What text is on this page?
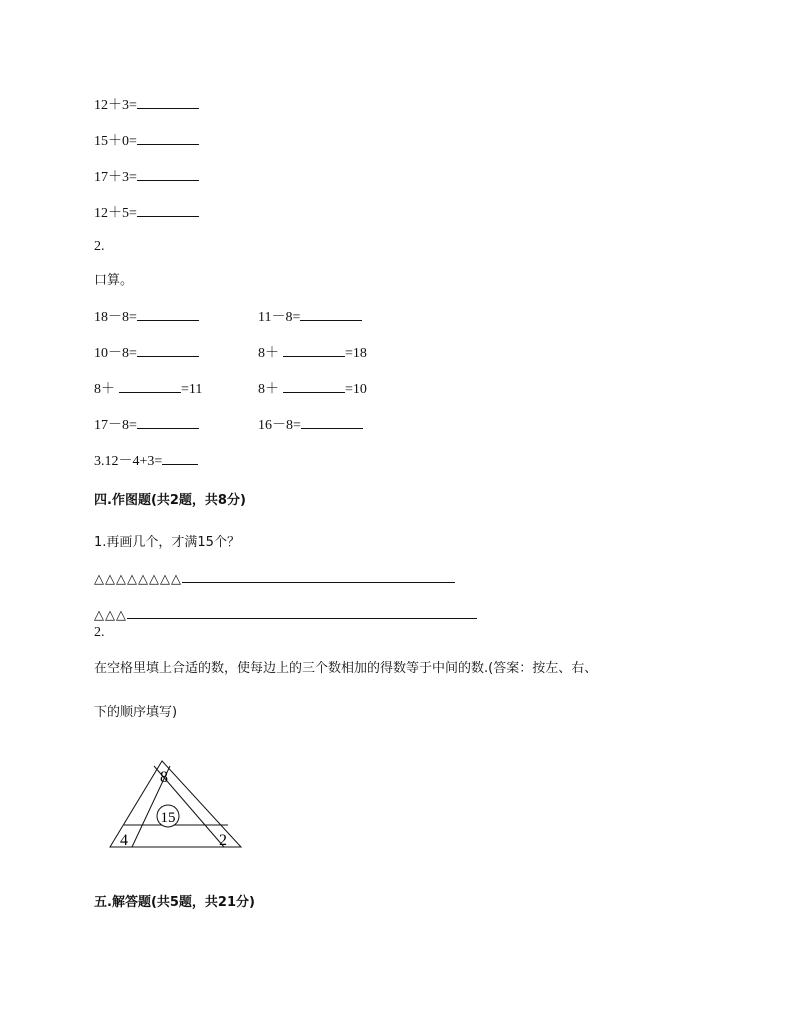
12＋3=
15＋0=
17＋3=
12＋5=
2.
口算。
18－8=	11－8=
10－8=	8＋	=18
8＋	=11	8＋	=10
17－8=	16－8=
3.12－4+3=
四.作图题(共2题，共8分)
1.再画几个，才满15个？
△△△△△△△△
△△△
2.
在空格里填上合适的数，使每边上的三个数相加的得数等于中间的数.(答案：按左、右、
下的顺序填写)
8
15
4	2
五.解答题(共5题，共21分)
